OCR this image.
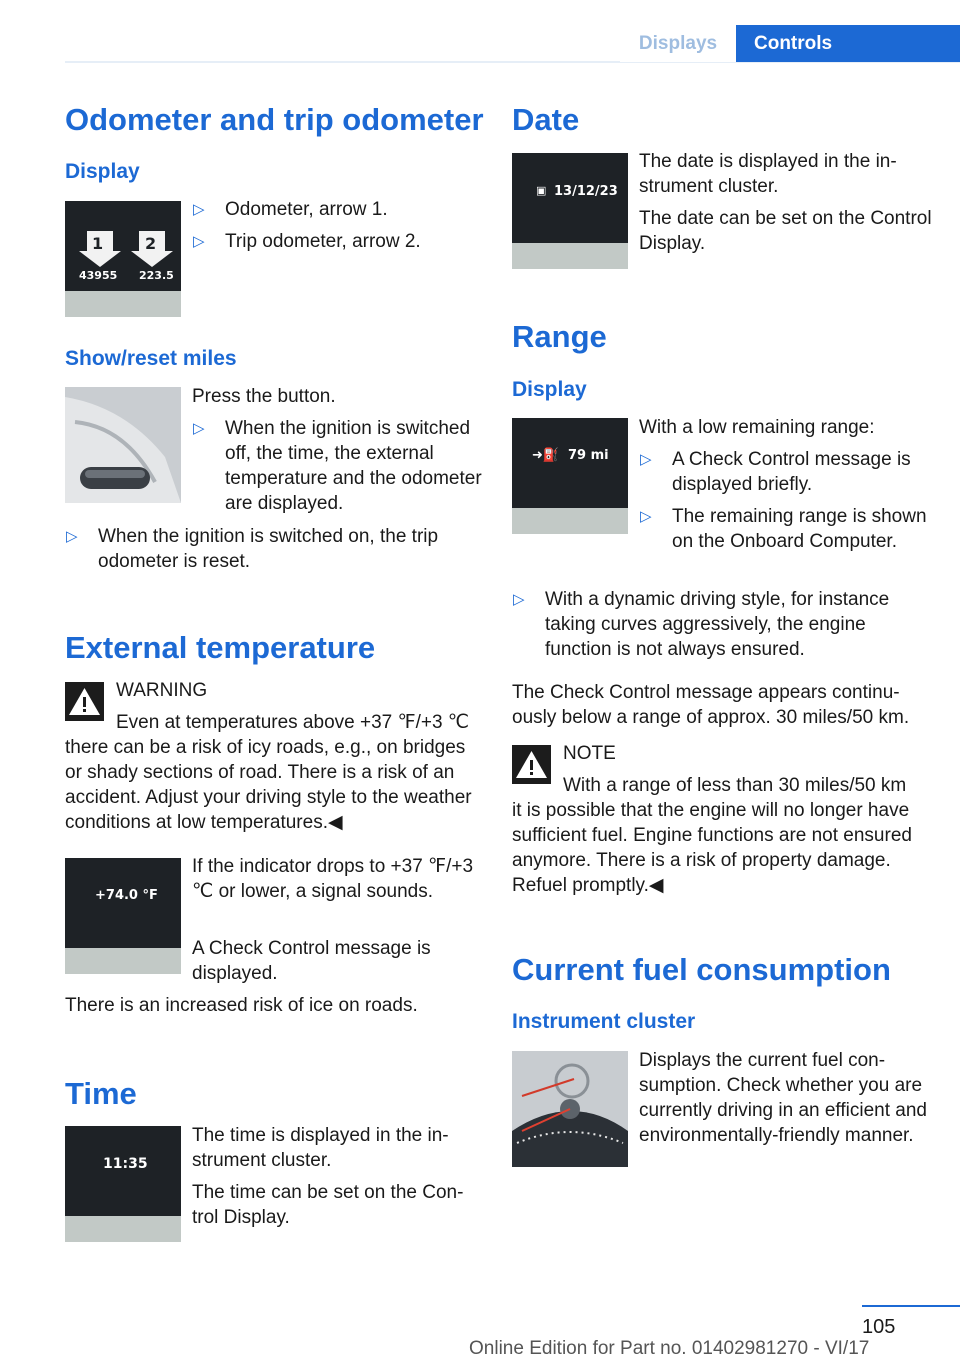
Displays	Controls
Odometer and trip odometer
Display
1	2
43955 223.5
▷ Odometer, arrow 1.
▷ Trip odometer, arrow 2.
Show/reset miles

Press the button.

▷ When the ignition is switched off, the time, the external temperature and the odometer are displayed.
▷ When the ignition is switched on, the trip odometer is reset.
External temperature

WARNING

Even at temperatures above +37 ℉/+3 ℃

there can be a risk of icy roads, e.g., on bridges or shady sections of road. There is a risk of an accident. Adjust your driving style to the weather conditions at low temperatures.◀

+74.0 °F

If the indicator drops to +37 ℉/+3 ℃ or lower, a signal sounds.

A Check Control message is displayed.

There is an increased risk of ice on roads.

Time
11:35

The time is displayed in the instrument cluster.

The time can be set on the Control Display.

Date
▣ 13/12/23

The date is displayed in the instrument cluster.

The date can be set on the Control Display.

Range
Display
➜⛽ 79 mi

With a low remaining range:

▷ A Check Control message is displayed briefly.
▷ The remaining range is shown on the Onboard Computer.
▷ With a dynamic driving style, for instance taking curves aggressively, the engine function is not always ensured.

The Check Control message appears continuously below a range of approx. 30 miles/50 km.

NOTE

With a range of less than 30 miles/50 km

it is possible that the engine will no longer have sufficient fuel. Engine functions are not ensured anymore. There is a risk of property damage. Refuel promptly.◀

Current fuel consumption
Instrument cluster

Displays the current fuel consumption. Check whether you are currently driving in an efficient and environmentally-friendly manner.

105
Online Edition for Part no. 01402981270 - VI/17
